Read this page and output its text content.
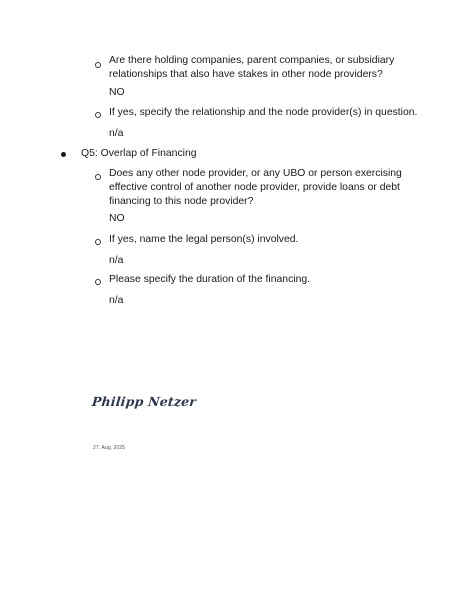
Are there holding companies, parent companies, or subsidiary
relationships that also have stakes in other node providers?
NO
If yes, specify the relationship and the node provider(s) in question.
n/a
Q5: Overlap of Financing
Does any other node provider, or any UBO or person exercising
effective control of another node provider, provide loans or debt
financing to this node provider?
NO
If yes, name the legal person(s) involved.
n/a
Please specify the duration of the financing.
n/a
Philipp Netzer
27. Aug. 2025
